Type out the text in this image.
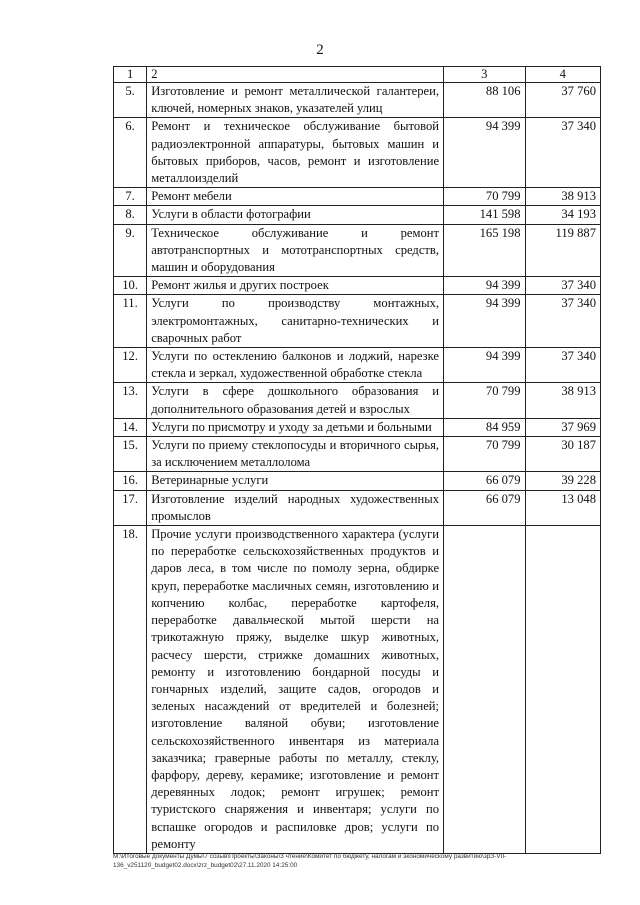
2
1	2	3	4
5.	Изготовление и ремонт металлической галантереи, ключей, номерных знаков, указателей улиц	88 106	37 760
6.	Ремонт и техническое обслуживание бытовой радиоэлектронной аппаратуры, бытовых машин и бытовых приборов, часов, ремонт и изготовление металлоизделий	94 399	37 340
7.	Ремонт мебели	70 799	38 913
8.	Услуги в области фотографии	141 598	34 193
9.	Техническое обслуживание и ремонт автотранспортных и мототранспортных средств, машин и оборудования	165 198	119 887
10.	Ремонт жилья и других построек	94 399	37 340
11.	Услуги по производству монтажных, электромонтажных, санитарно-технических и сварочных работ	94 399	37 340
12.	Услуги по остеклению балконов и лоджий, нарезке стекла и зеркал, художественной обработке стекла	94 399	37 340
13.	Услуги в сфере дошкольного образования и дополнительного образования детей и взрослых	70 799	38 913
14.	Услуги по присмотру и уходу за детьми и больными	84 959	37 969
15.	Услуги по приему стеклопосуды и вторичного сырья, за исключением металлолома	70 799	30 187
16.	Ветеринарные услуги	66 079	39 228
17.	Изготовление изделий народных художественных промыслов	66 079	13 048
18.	Прочие услуги производственного характера (услуги по переработке сельскохозяйственных продуктов и даров леса, в том числе по помолу зерна, обдирке круп, переработке масличных семян, изготовлению и копчению колбас, переработке картофеля, переработке давальческой мытой шерсти на трикотажную пряжу, выделке шкур животных, расчесу шерсти, стрижке домашних животных, ремонту и изготовлению бондарной посуды и гончарных изделий, защите садов, огородов и зеленых насаждений от вредителей и болезней; изготовление валяной обуви; изготовление сельскохозяйственного инвентаря из материала заказчика; граверные работы по металлу, стеклу, фарфору, дереву, керамике; изготовление и ремонт деревянных лодок; ремонт игрушек; ремонт туристского снаряжения и инвентаря; услуги по вспашке огородов и распиловке дров; услуги по ремонту		
M:\Итоговые документы Думы\7 созыв\Проекты\Законы\3 чтение\Комитет по бюджету, налогам и экономическому развитию\зрЗ-VII-136_v251120_budget02.docx\zrz_budget02\27.11.2020 14:25:00
